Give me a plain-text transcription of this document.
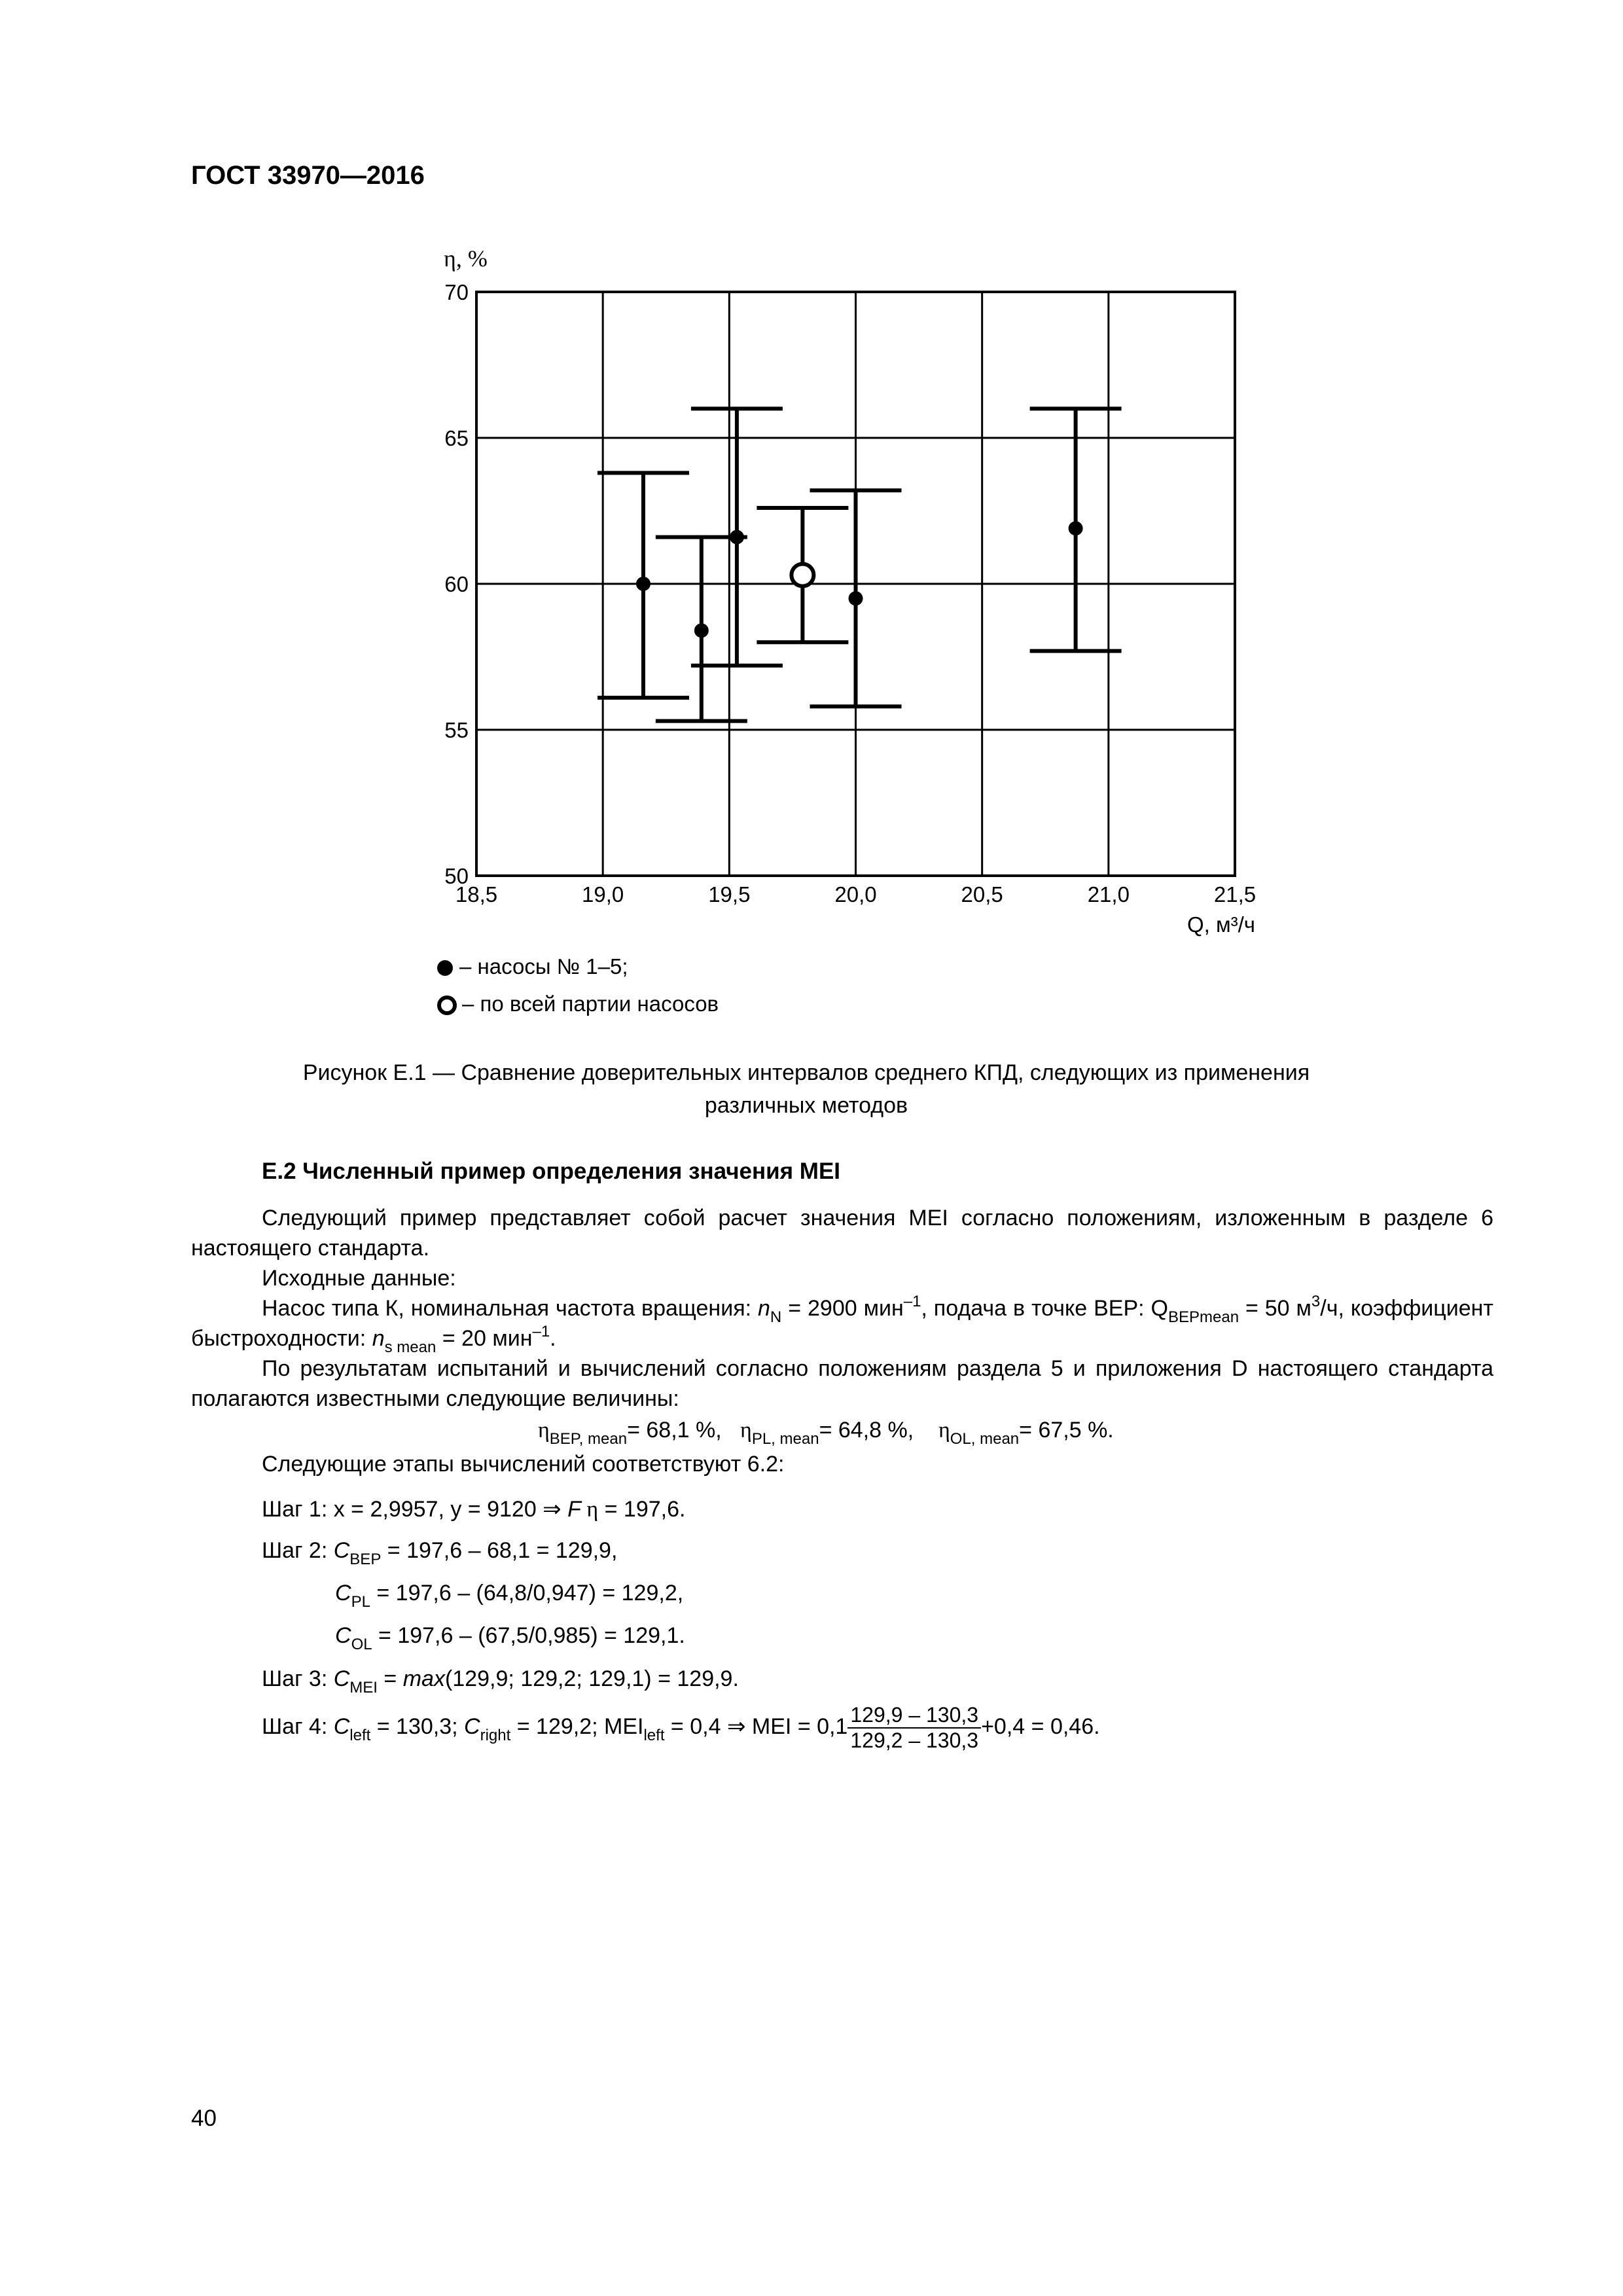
ГОСТ 33970—2016
18,5	19,0	19,5	20,0	20,5	21,0	21,5
50
55
60
65
70
η, %
Q, м³/ч
– насосы № 1–5;
– по всей партии насосов
Рисунок Е.1 — Сравнение доверительных интервалов среднего КПД, следующих из применения
различных методов
Е.2 Численный пример определения значения MEI
Следующий пример представляет собой расчет значения MEI согласно положениям, изложенным в разделе 6 настоящего стандарта.
Исходные данные:
Насос типа К, номинальная частота вращения: $n_N = 2900$ мин$^{-1}$, подача в точке BEP: $Q_{BEPmean} = 50$ $м^3/ч$, коэффициент быстроходности: $n_{s mean} = 20$ мин$^{-1}$.
По результатам испытаний и вычислений согласно положениям раздела 5 и приложения D настоящего стандарта полагаются известными следующие величины:
$\eta_{BEP, mean}= 68,1$ %, $\eta_{PL, mean}= 64,8$ %, $\eta_{OL, mean}= 67,5$ %.
Следующие этапы вычислений соответствуют 6.2:
Шаг 1: x = 2,9957, y = 9120 ⇒ F η = 197,6.
Шаг 2: $C_{BEP} = 197,6 - 68,1 = 129,9$,
$C_{PL} = 197,6 - (64,8/0,947) = 129,2$,
$C_{OL} = 197,6 - (67,5/0,985) = 129,1$.
Шаг 3: $C_{MEI} = \max(129,9$; 129,2; 129,1) = 129,9.
Шаг 4: $C_{left} = 130,3$; $C_{right} = 129,2$; $MEI_{left} = 0,4$ ⇒ MEI = $0,1 \frac{129,9 - 130,3}{129,2 - 130,3} +0,4 = 0,46$.
40
